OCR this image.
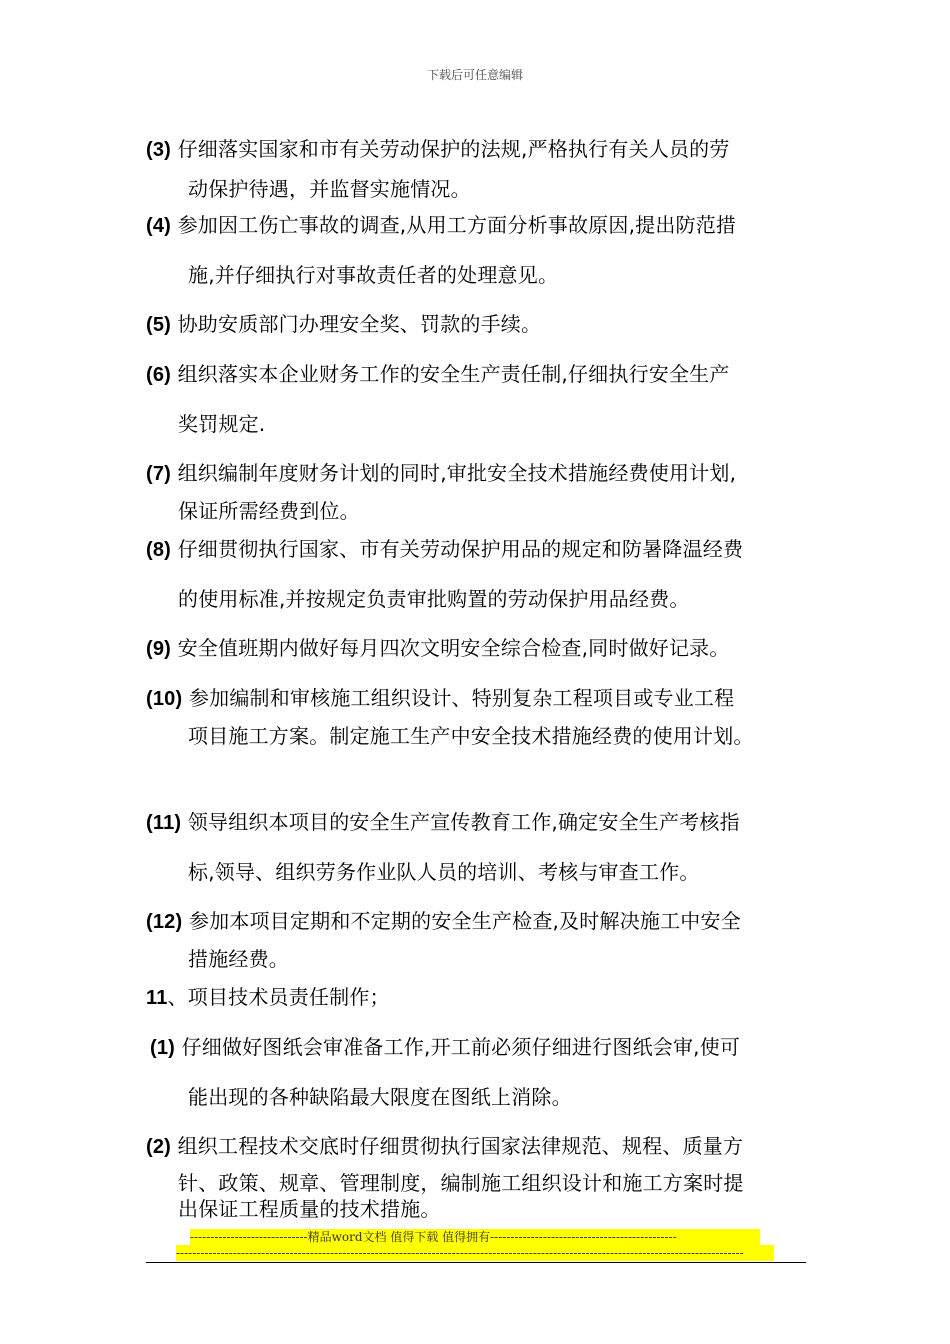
下载后可任意编辑
(3) 仔细落实国家和市有关劳动保护的法规,严格执行有关人员的劳
动保护待遇，并监督实施情况。
(4) 参加因工伤亡事故的调查,从用工方面分析事故原因,提出防范措
施,并仔细执行对事故责任者的处理意见。
(5) 协助安质部门办理安全奖、罚款的手续。
(6) 组织落实本企业财务工作的安全生产责任制,仔细执行安全生产
奖罚规定.
(7) 组织编制年度财务计划的同时,审批安全技术措施经费使用计划,
保证所需经费到位。
(8) 仔细贯彻执行国家、市有关劳动保护用品的规定和防暑降温经费
的使用标准,并按规定负责审批购置的劳动保护用品经费。
(9) 安全值班期内做好每月四次文明安全综合检查,同时做好记录。
(10) 参加编制和审核施工组织设计、特别复杂工程项目或专业工程
项目施工方案。制定施工生产中安全技术措施经费的使用计划。
(11) 领导组织本项目的安全生产宣传教育工作,确定安全生产考核指
标,领导、组织劳务作业队人员的培训、考核与审查工作。
(12) 参加本项目定期和不定期的安全生产检查,及时解决施工中安全
措施经费。
11、项目技术员责任制作；
(1) 仔细做好图纸会审准备工作,开工前必须仔细进行图纸会审,使可
能出现的各种缺陷最大限度在图纸上消除。
(2) 组织工程技术交底时仔细贯彻执行国家法律规范、规程、质量方
针、政策、规章、管理制度，编制施工组织设计和施工方案时提
出保证工程质量的技术措施。
-----------------------------精品word文档 值得下载 值得拥有----------------------------------------------
--------------------------------------------------------------------------------------------------------------------------------------------
